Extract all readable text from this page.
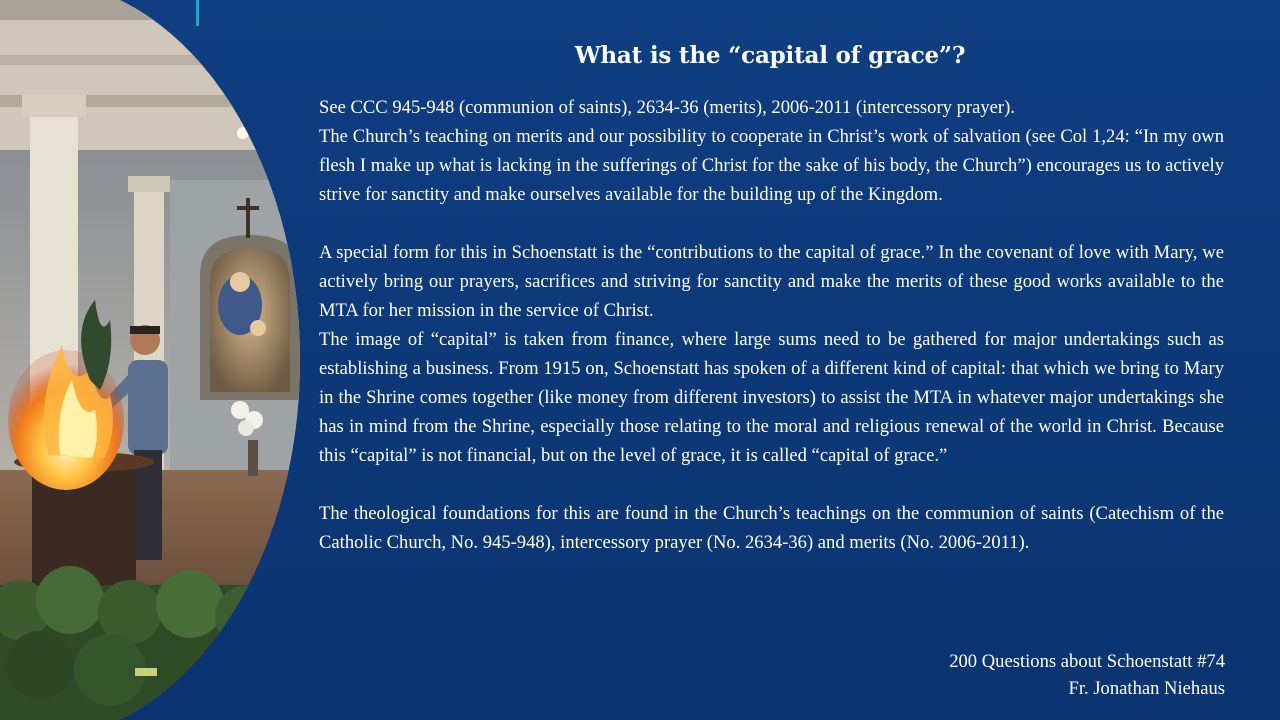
What is the “capital of grace”?

See CCC 945-948 (communion of saints), 2634-36 (merits), 2006-2011 (intercessory prayer).

The Church’s teaching on merits and our possibility to cooperate in Christ’s work of salvation (see Col 1,24: “In my own flesh I make up what is lacking in the sufferings of Christ for the sake of his body, the Church”) encourages us to actively strive for sanctity and make ourselves available for the building up of the Kingdom.

A special form for this in Schoenstatt is the “contributions to the capital of grace.” In the covenant of love with Mary, we actively bring our prayers, sacrifices and striving for sanctity and make the merits of these good works available to the MTA for her mission in the service of Christ.

The image of “capital” is taken from finance, where large sums need to be gathered for major undertakings such as establishing a business. From 1915 on, Schoenstatt has spoken of a different kind of capital: that which we bring to Mary in the Shrine comes together (like money from different investors) to assist the MTA in whatever major undertakings she has in mind from the Shrine, especially those relating to the moral and religious renewal of the world in Christ. Because this “capital” is not financial, but on the level of grace, it is called “capital of grace.”

The theological foundations for this are found in the Church’s teachings on the communion of saints (Catechism of the Catholic Church, No. 945-948), intercessory prayer (No. 2634-36) and merits (No. 2006-2011).

200 Questions about Schoenstatt #74
Fr. Jonathan Niehaus
